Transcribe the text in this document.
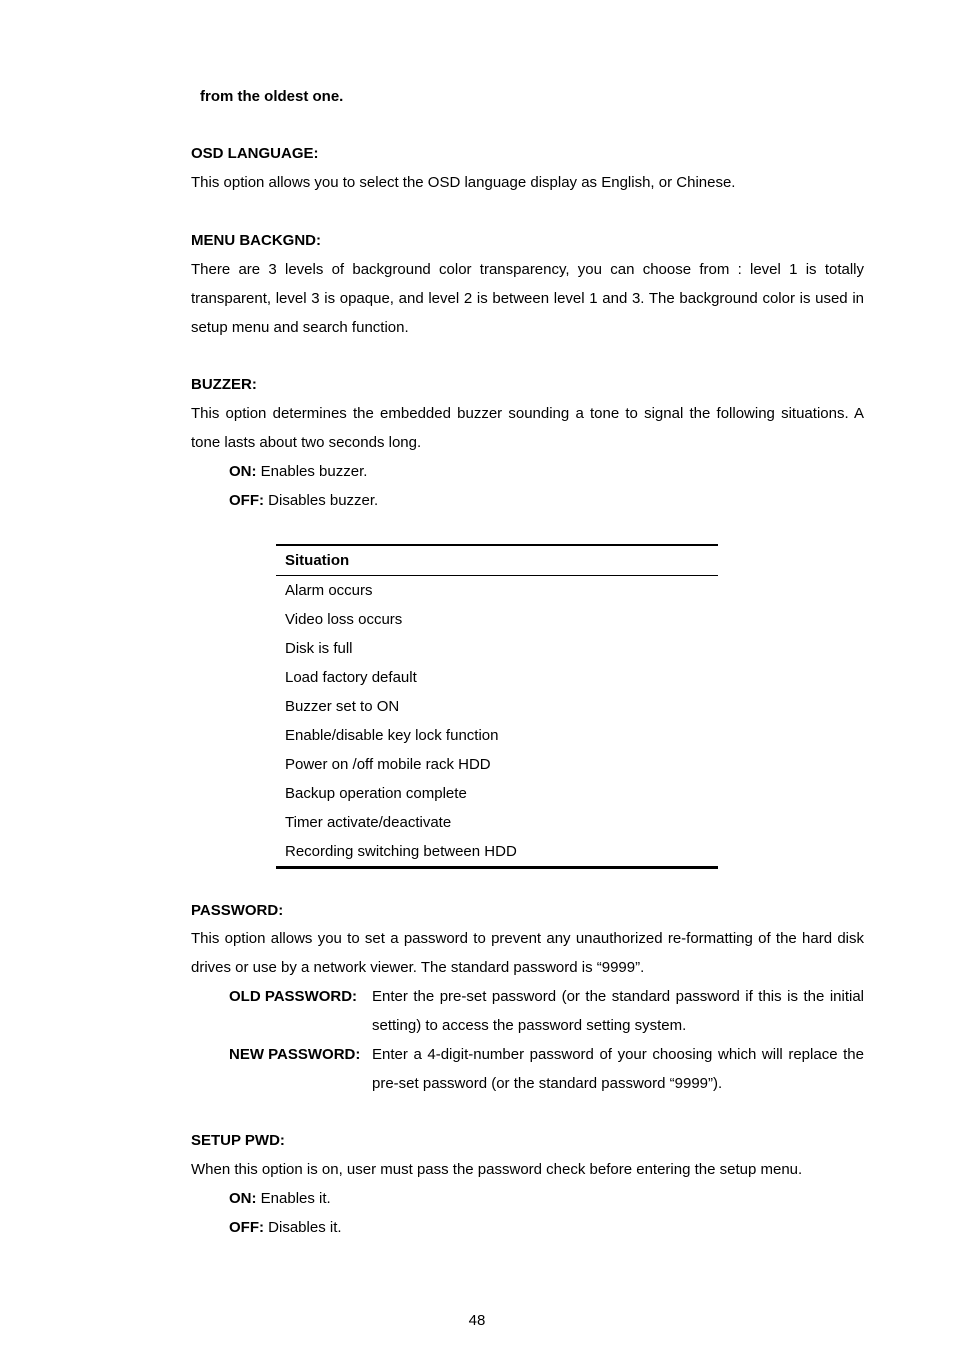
from the oldest one.
OSD LANGUAGE:
This option allows you to select the OSD language display as English, or Chinese.
MENU BACKGND:
There are 3 levels of background color transparency, you can choose from : level 1 is totally transparent, level 3 is opaque, and level 2 is between level 1 and 3. The background color is used in setup menu and search function.
BUZZER:
This option determines the embedded buzzer sounding a tone to signal the following situations. A tone lasts about two seconds long.
ON: Enables buzzer.
OFF: Disables buzzer.
Situation
Alarm occurs
Video loss occurs
Disk is full
Load factory default
Buzzer set to ON
Enable/disable key lock function
Power on /off mobile rack HDD
Backup operation complete
Timer activate/deactivate
Recording switching between HDD
PASSWORD:
This option allows you to set a password to prevent any unauthorized re-formatting of the hard disk drives or use by a network viewer. The standard password is “9999”.
OLD PASSWORD: Enter the pre-set password (or the standard password if this is the initial setting) to access the password setting system.
NEW PASSWORD: Enter a 4-digit-number password of your choosing which will replace the pre-set password (or the standard password “9999”).
SETUP PWD:
When this option is on, user must pass the password check before entering the setup menu.
ON: Enables it.
OFF: Disables it.
48
